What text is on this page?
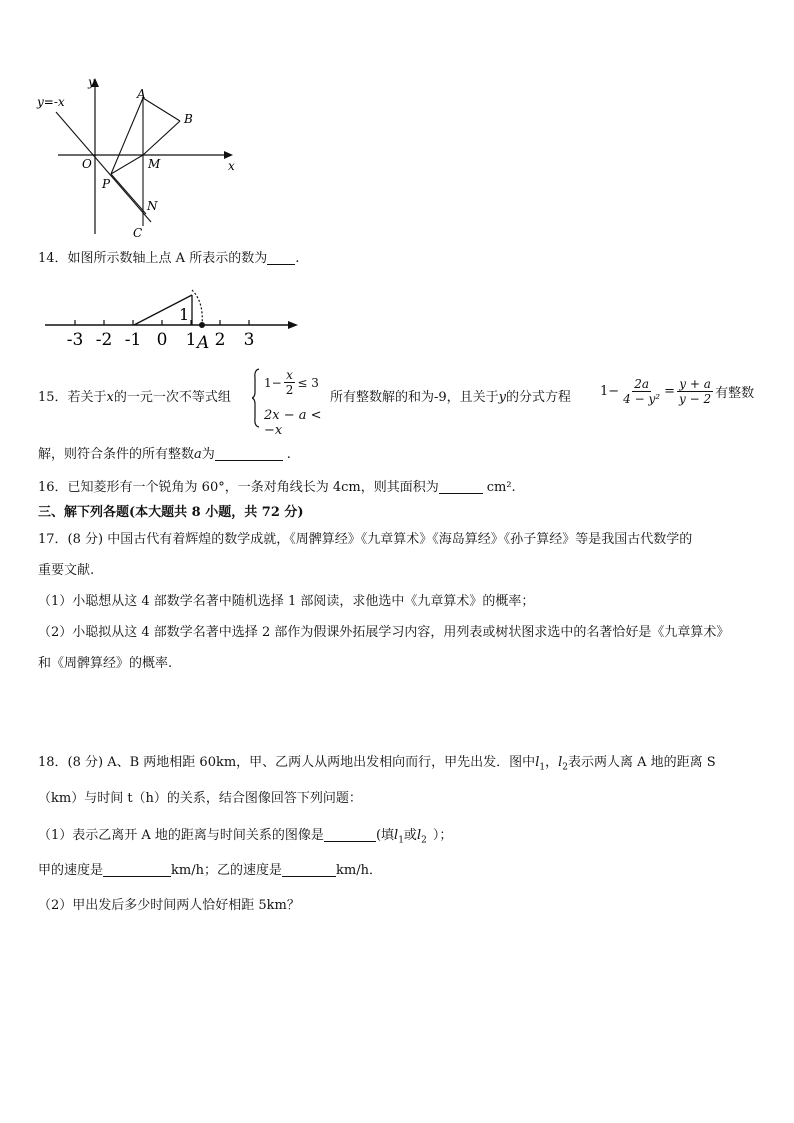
y
x
y=-x
A
B
O	M
P
N
C
14．如图所示数轴上点 A 所表示的数为 .
-3 -2 -1 0 1 2 3
1
A
15．若关于x的一元一次不等式组
$1- \frac{x}{2} \le 3$
2x − a < −x
所有整数解的和为-9，且关于y的分式方程 $1- \frac{2a}{\text{4 − y²}} = \frac{y + a}{y - 2}$ 有整数
解，则符合条件的所有整数a为	.
16．已知菱形有一个锐角为 60°，一条对角线长为 4cm，则其面积为	cm².
三、解下列各题(本大题共 8 小题，共 72 分)
17．(8 分) 中国古代有着辉煌的数学成就，《周髀算经》《九章算术》《海岛算经》《孙子算经》等是我国古代数学的
重要文献.
（1）小聪想从这 4 部数学名著中随机选择 1 部阅读，求他选中《九章算术》的概率；
（2）小聪拟从这 4 部数学名著中选择 2 部作为假课外拓展学习内容，用列表或树状图求选中的名著恰好是《九章算术》
和《周髀算经》的概率.
18．(8 分) A、B 两地相距 60km，甲、乙两人从两地出发相向而行，甲先出发．图中$l_1$，$l_2$表示两人离 A 地的距离 S
（km）与时间 t（h）的关系，结合图像回答下列问题：
（1）表示乙离开 A 地的距离与时间关系的图像是	(填$l_1$或$l_2$ ）；
甲的速度是	km/h；乙的速度是	km/h．
（2）甲出发后多少时间两人恰好相距 5km？
